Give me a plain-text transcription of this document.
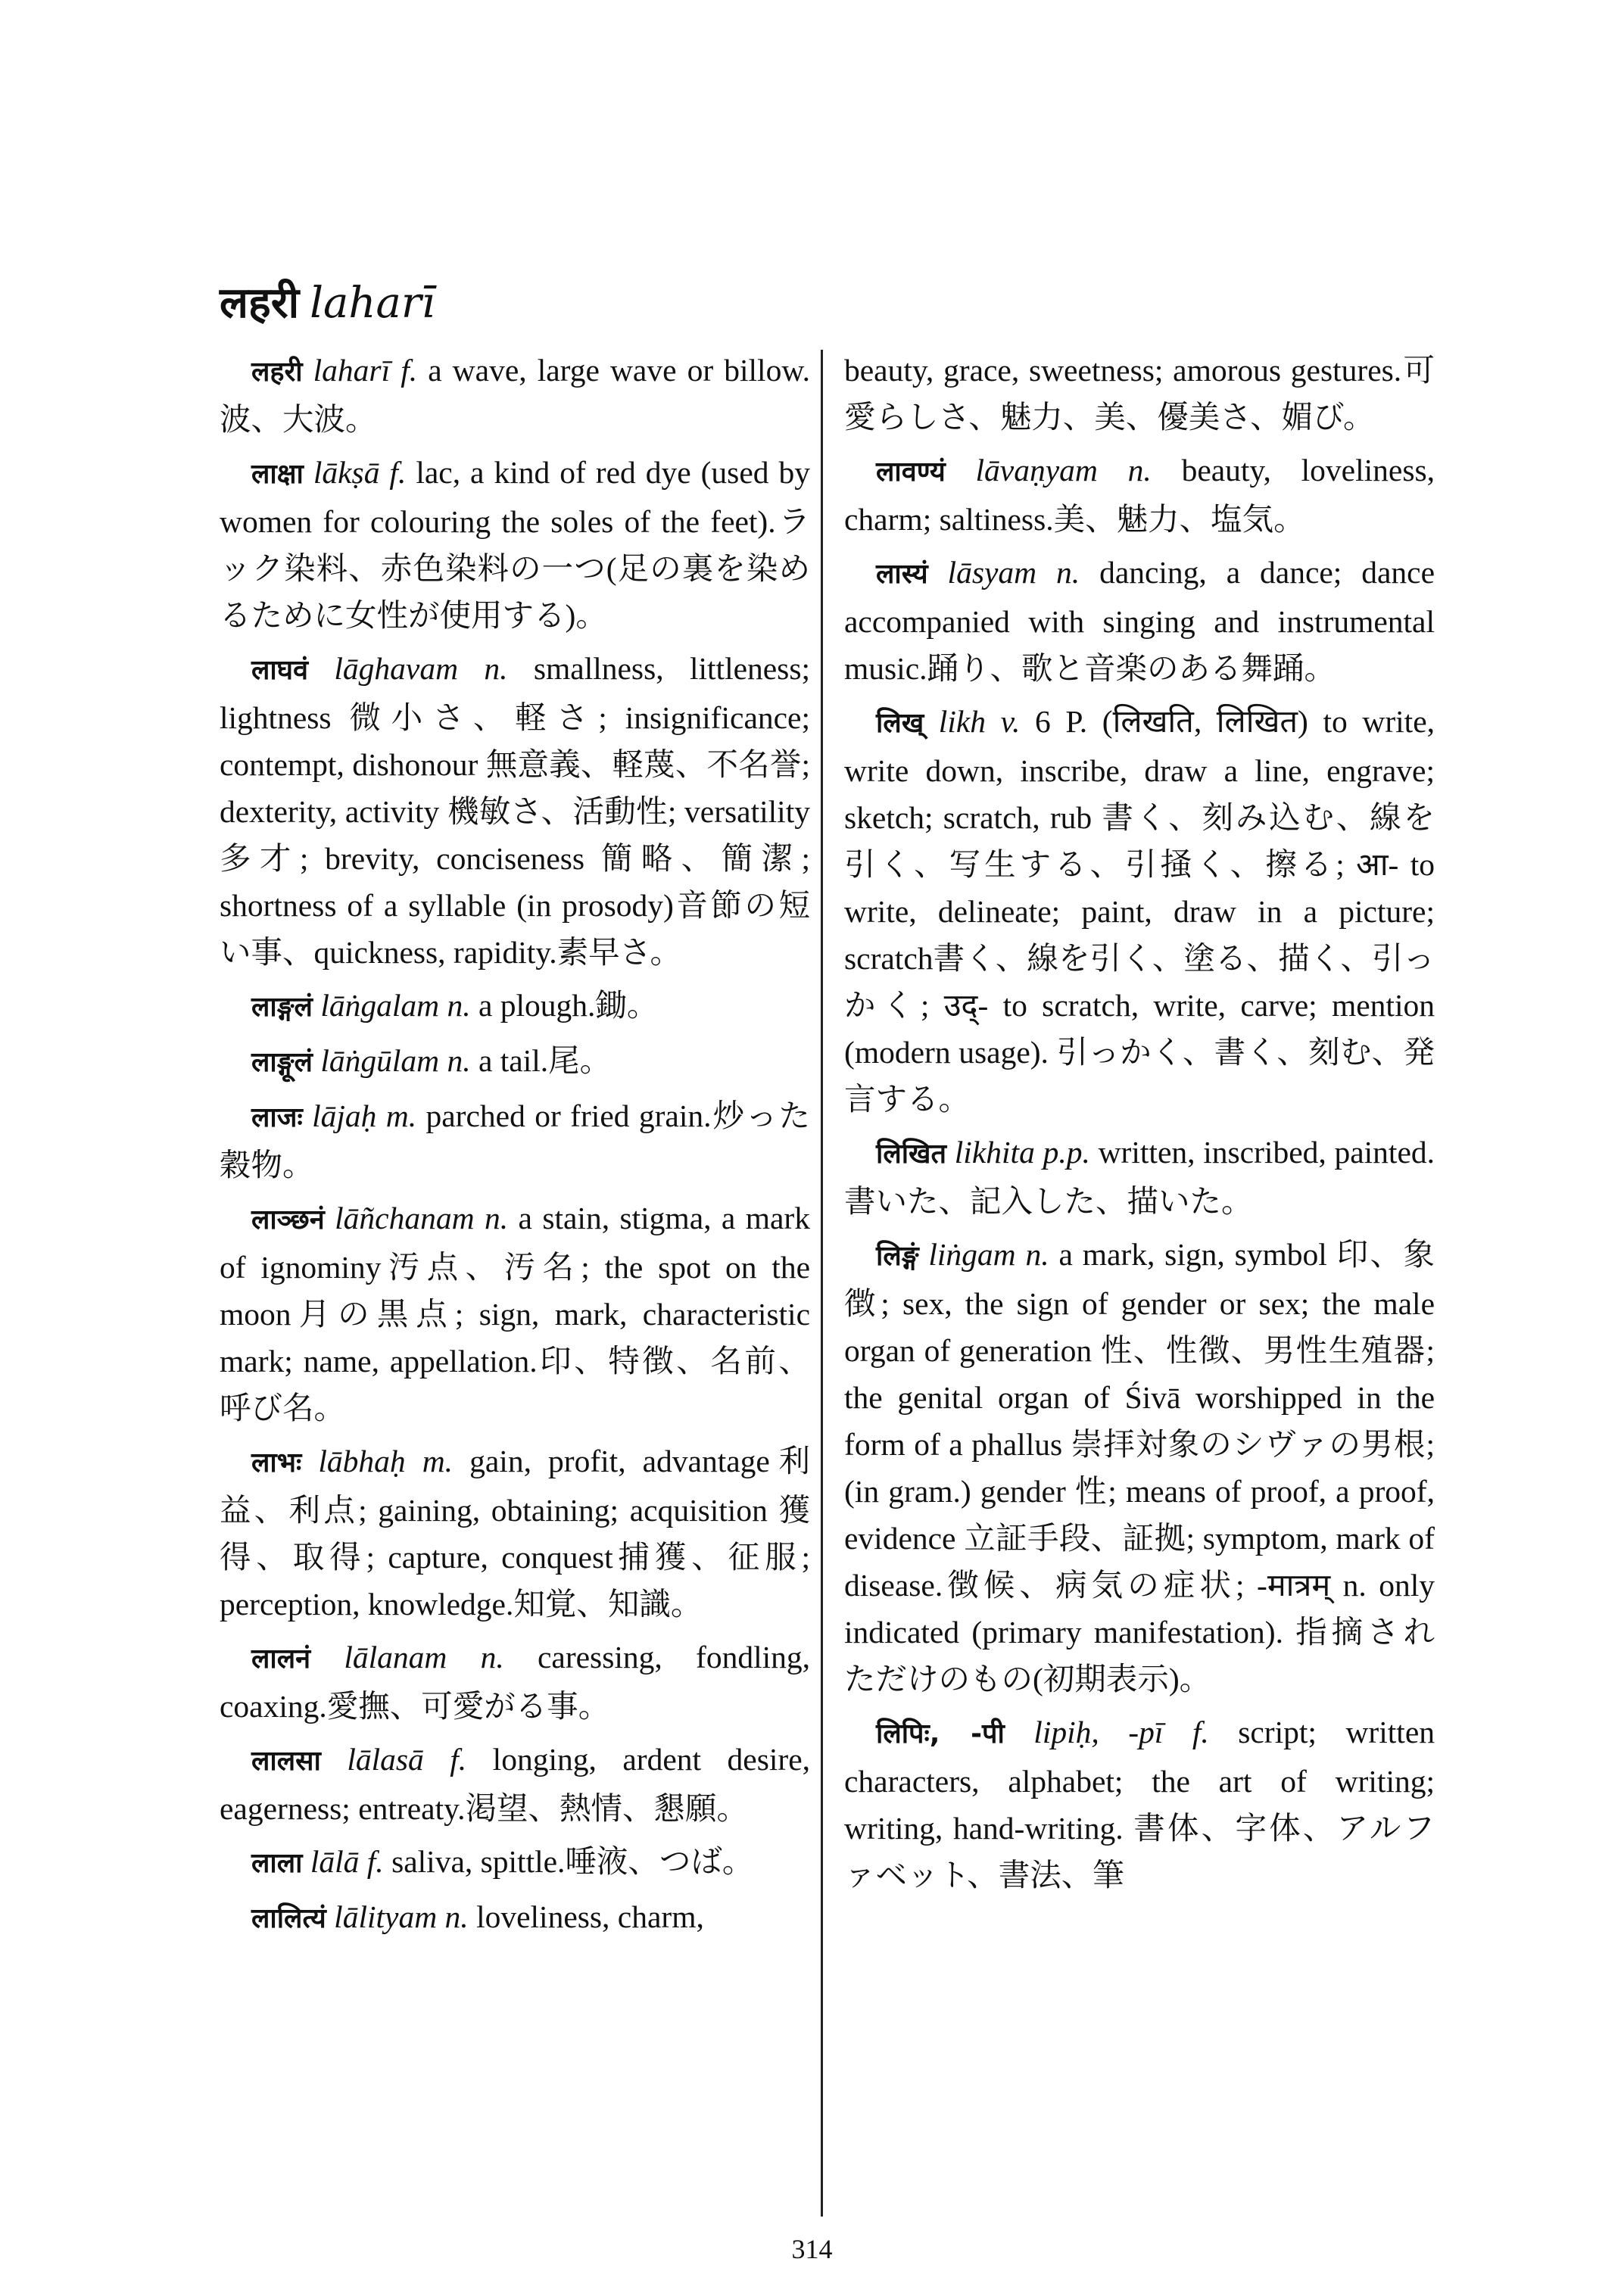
लहरी laharī

लहरी laharī f. a wave, large wave or billow.波、大波。

लाक्षा lākṣā f. lac, a kind of red dye (used by women for colouring the soles of the feet).ラック染料、赤色染料の一つ(足の裏を染めるために女性が使用する)。

लाघवं lāghavam n. smallness, littleness; lightness 微小さ、軽さ; insignificance; contempt, dishonour 無意義、軽蔑、不名誉; dexterity, activity 機敏さ、活動性; versatility 多才; brevity, conciseness 簡略、簡潔; shortness of a syllable (in prosody)音節の短い事、quickness, rapidity.素早さ。

लाङ्गलं lāṅgalam n. a plough.鋤。

लाङ्गूलं lāṅgūlam n. a tail.尾。

लाजः lājaḥ m. parched or fried grain.炒った穀物。

लाञ्छनं lāñchanam n. a stain, stigma, a mark of ignominy汚点、汚名; the spot on the moon月の黒点; sign, mark, characteristic mark; name, appellation.印、特徴、名前、呼び名。

लाभः lābhaḥ m. gain, profit, advantage利益、利点; gaining, obtaining; acquisition 獲得、取得; capture, conquest捕獲、征服; perception, knowledge.知覚、知識。

लालनं lālanam n. caressing, fondling, coaxing.愛撫、可愛がる事。

लालसा lālasā f. longing, ardent desire, eagerness; entreaty.渇望、熱情、懇願。

लाला lālā f. saliva, spittle.唾液、つば。

लालित्यं lālityam n. loveliness, charm,

beauty, grace, sweetness; amorous gestures.可愛らしさ、魅力、美、優美さ、媚び。

लावण्यं lāvaṇyam n. beauty, loveliness, charm; saltiness.美、魅力、塩気。

लास्यं lāsyam n. dancing, a dance; dance accompanied with singing and instrumental music.踊り、歌と音楽のある舞踊。

लिख् likh v. 6 P. (लिखति, लिखित) to write, write down, inscribe, draw a line, engrave; sketch; scratch, rub 書く、刻み込む、線を引く、写生する、引掻く、擦る; आ- to write, delineate; paint, draw in a picture; scratch書く、線を引く、塗る、描く、引っかく; उद्- to scratch, write, carve; mention (modern usage). 引っかく、書く、刻む、発言する。

लिखित likhita p.p. written, inscribed, painted.書いた、記入した、描いた。

लिङ्गं liṅgam n. a mark, sign, symbol 印、象徴; sex, the sign of gender or sex; the male organ of generation 性、性徴、男性生殖器; the genital organ of Śivā worshipped in the form of a phallus 崇拝対象のシヴァの男根; (in gram.) gender 性; means of proof, a proof, evidence 立証手段、証拠; symptom, mark of disease.徴候、病気の症状; -मात्रम् n. only indicated (primary manifestation). 指摘されただけのもの(初期表示)。

लिपिः, -पी lipiḥ, -pī f. script; written characters, alphabet; the art of writing; writing, hand-writing. 書体、字体、アルファベット、書法、筆

314
